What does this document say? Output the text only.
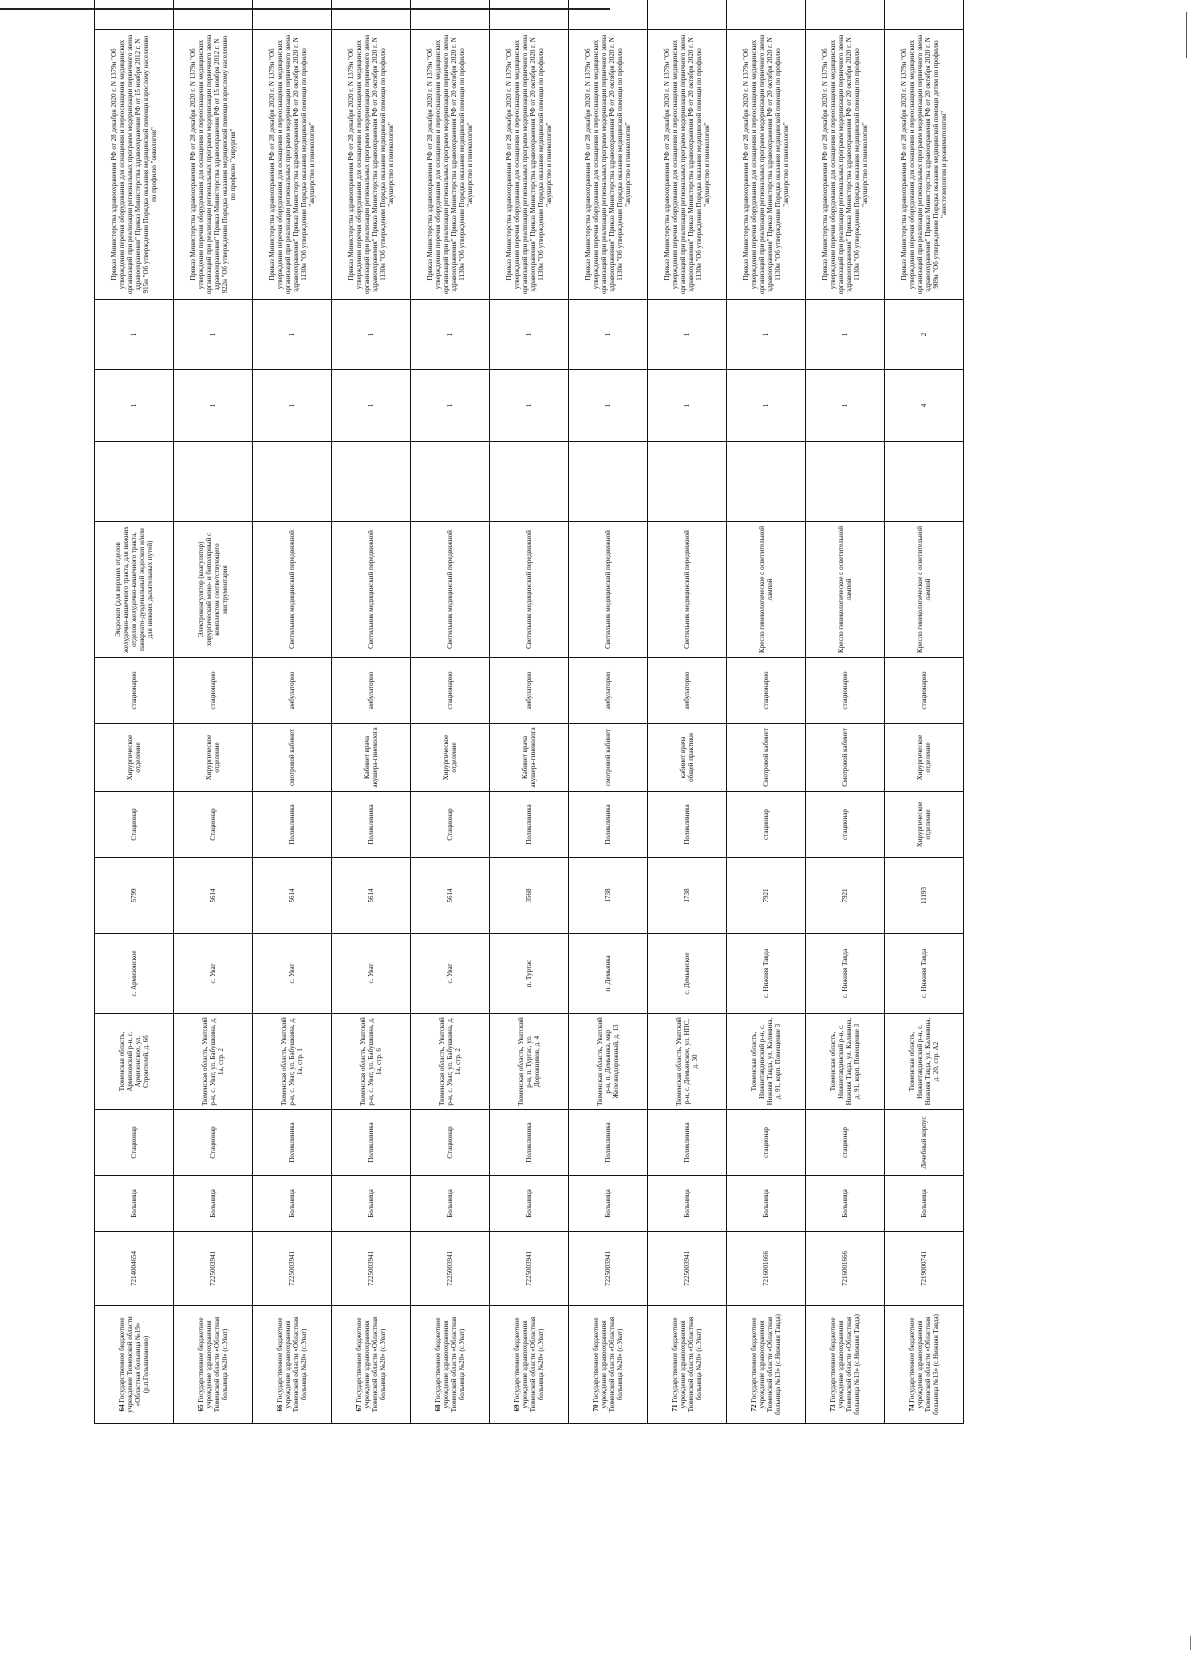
64 Государственное бюджетное учреждение Тюменской области «Областная больница №19» (р.п.Голышманово)	7214004654	Больница	Стационар	Тюменская область, Армизонский р-н, с. Армизонское, ул. Строителей, д. 6б	с. Армизонское	5799	Стационар	Хирургическое отделение	стационарно	Эндоскоп (для верхних отделов желудочно-кишечного тракта, для нижних отделов желудочно-кишечного тракта, панкреато-дуоденальный эндоскоп и/или для нижних дыхательных путей)		1	1	Приказ Министерства здравоохранения РФ от 28 декабря 2020 г. N 1379н "Об утверждении перечня оборудования для оснащения и переоснащения медицинских организаций при реализации региональных программ модернизации первичного звена здравоохранения" Приказ Министерства здравоохранения РФ от 15 ноября 2012 г. N 915н "Об утверждении Порядка оказания медицинской помощи взрослому населению по профилю "онкология"	
65 Государственное бюджетное учреждение здравоохранения Тюменской области «Областная больница №20» (с.Уват)	7225003941	Больница	Стационар	Тюменская область, Уватский р-н, с. Уват, ул. Бабушкина, д. 1а, стр. 2	с. Уват	5614	Стационар	Хирургическое отделение	стационарно	Электрокоагулятор (коагулятор) хирургический моно- и биполярный с комплектом соответствующего инструментария		1	1	Приказ Министерства здравоохранения РФ от 28 декабря 2020 г. N 1379н "Об утверждении перечня оборудования для оснащения и переоснащения медицинских организаций при реализации региональных программ модернизации первичного звена здравоохранения" Приказ Министерства здравоохранения РФ от 15 ноября 2012 г. N 922н "Об утверждении Порядка оказания медицинской помощи взрослому населению по профилю "хирургия"	
66 Государственное бюджетное учреждение здравоохранения Тюменской области «Областная больница №20» (с.Уват)	7225003941	Больница	Поликлиника	Тюменская область, Уватский р-н, с. Уват, ул. Бабушкина, д. 1а, стр. 1	с. Уват	5614	Поликлиника	смотровой кабинет	амбулаторно	Светильник медицинский передвижной		1	1	Приказ Министерства здравоохранения РФ от 28 декабря 2020 г. N 1379н "Об утверждении перечня оборудования для оснащения и переоснащения медицинских организаций при реализации региональных программ модернизации первичного звена здравоохранения" Приказ Министерства здравоохранения РФ от 20 октября 2020 г. N 1130н "Об утверждении Порядка оказания медицинской помощи по профилю "акушерство и гинекология"	
67 Государственное бюджетное учреждение здравоохранения Тюменской области «Областная больница №20» (с.Уват)	7225003941	Больница	Поликлиника	Тюменская область, Уватский р-н, с. Уват, ул. Бабушкина, д. 1а, стр. 6	с. Уват	5614	Поликлиника	Кабинет врача акушера-гинеколога	амбулаторно	Светильник медицинский передвижной		1	1	Приказ Министерства здравоохранения РФ от 28 декабря 2020 г. N 1379н "Об утверждении перечня оборудования для оснащения и переоснащения медицинских организаций при реализации региональных программ модернизации первичного звена здравоохранения" Приказ Министерства здравоохранения РФ от 20 октября 2020 г. N 1130н "Об утверждении Порядка оказания медицинской помощи по профилю "акушерство и гинекология"	
68 Государственное бюджетное учреждение здравоохранения Тюменской области «Областная больница №20» (с.Уват)	7225003941	Больница	Стационар	Тюменская область, Уватский р-н, с. Уват, ул. Бабушкина, д. 1а, стр. 2	с. Уват	5614	Стационар	Хирургическое отделение	стационарно	Светильник медицинский передвижной		1	1	Приказ Министерства здравоохранения РФ от 28 декабря 2020 г. N 1379н "Об утверждении перечня оборудования для оснащения и переоснащения медицинских организаций при реализации региональных программ модернизации первичного звена здравоохранения" Приказ Министерства здравоохранения РФ от 20 октября 2020 г. N 1130н "Об утверждении Порядка оказания медицинской помощи по профилю "акушерство и гинекология"	
69 Государственное бюджетное учреждение здравоохранения Тюменской области «Областная больница №20» (с.Уват)	7225003941	Больница	Поликлиника	Тюменская область, Уватский р-н, п. Туртас, ул. Дорожников, д. 4	п. Туртас	3568	Поликлиника	Кабинет врача акушера-гинеколога	амбулаторно	Светильник медицинский передвижной		1	1	Приказ Министерства здравоохранения РФ от 28 декабря 2020 г. N 1379н "Об утверждении перечня оборудования для оснащения и переоснащения медицинских организаций при реализации региональных программ модернизации первичного звена здравоохранения" Приказ Министерства здравоохранения РФ от 20 октября 2020 г. N 1130н "Об утверждении Порядка оказания медицинской помощи по профилю "акушерство и гинекология"	
70 Государственное бюджетное учреждение здравоохранения Тюменской области «Областная больница №20» (с.Уват)	7225003941	Больница	Поликлиника	Тюменская область, Уватский р-н, п. Демьянка, мкр Железнодорожный, д. 13	п. Демьянка	1738	Поликлиника	смотровой кабинет	амбулаторно	Светильник медицинский передвижной		1	1	Приказ Министерства здравоохранения РФ от 28 декабря 2020 г. N 1379н "Об утверждении перечня оборудования для оснащения и переоснащения медицинских организаций при реализации региональных программ модернизации первичного звена здравоохранения" Приказ Министерства здравоохранения РФ от 20 октября 2020 г. N 1130н "Об утверждении Порядка оказания медицинской помощи по профилю "акушерство и гинекология"	
71 Государственное бюджетное учреждение здравоохранения Тюменской области «Областная больница №20» (с.Уват)	7225003941	Больница	Поликлиника	Тюменская область, Уватский р-н, с. Демьянское, ул. НПС, д. 30	с. Демьянское	1738	Поликлиника	кабинет врача общей практики	амбулаторно	Светильник медицинский передвижной		1	1	Приказ Министерства здравоохранения РФ от 28 декабря 2020 г. N 1379н "Об утверждении перечня оборудования для оснащения и переоснащения медицинских организаций при реализации региональных программ модернизации первичного звена здравоохранения" Приказ Министерства здравоохранения РФ от 20 октября 2020 г. N 1130н "Об утверждении Порядка оказания медицинской помощи по профилю "акушерство и гинекология"	
72 Государственное бюджетное учреждение здравоохранения Тюменской области «Областная больница №13» (с.Нижняя Тавда)	7216001666	Больница	стационар	Тюменская область, Нижнетавдинский р-н, с. Нижняя Тавда, ул. Калинина, д. 91, корп. Помещение 3	с. Нижняя Тавда	7921	стационар	Смотровой кабинет	стационарно	Кресло гинекологическое с осветительной лампой		1	1	Приказ Министерства здравоохранения РФ от 28 декабря 2020 г. N 1379н "Об утверждении перечня оборудования для оснащения и переоснащения медицинских организаций при реализации региональных программ модернизации первичного звена здравоохранения" Приказ Министерства здравоохранения РФ от 20 октября 2020 г. N 1130н "Об утверждении Порядка оказания медицинской помощи по профилю "акушерство и гинекология"	
73 Государственное бюджетное учреждение здравоохранения Тюменской области «Областная больница №13» (с.Нижняя Тавда)	7216001666	Больница	стационар	Тюменская область, Нижнетавдинский р-н, с. Нижняя Тавда, ул. Калинина, д. 91, корп. Помещение 3	с. Нижняя Тавда	7921	стационар	Смотровой кабинет	стационарно	Кресло гинекологическое с осветительной лампой		1	1	Приказ Министерства здравоохранения РФ от 28 декабря 2020 г. N 1379н "Об утверждении перечня оборудования для оснащения и переоснащения медицинских организаций при реализации региональных программ модернизации первичного звена здравоохранения" Приказ Министерства здравоохранения РФ от 20 октября 2020 г. N 1130н "Об утверждении Порядка оказания медицинской помощи по профилю "акушерство и гинекология"	
74 Государственное бюджетное учреждение здравоохранения Тюменской области «Областная больница №13» (с.Нижняя Тавда)	7219000741	Больница	Лечебный корпус	Тюменская область, Нижнетавдинский р-н, с. Нижняя Тавда, ул. Калинина, д. 20, стр. А2	с. Нижняя Тавда	11193	Хирургическое отделение	Хирургическое отделение	стационарно	Кресло гинекологическое с осветительной лампой		4	2	Приказ Министерства здравоохранения РФ от 28 декабря 2020 г. N 1379н "Об утверждении перечня оборудования для оснащения и переоснащения медицинских организаций при реализации региональных программ модернизации первичного звена здравоохранения" Приказ Министерства здравоохранения РФ от 20 октября 2020 г. N 909н "Об утверждении Порядка оказания медицинской помощи детям по профилю "анестезиология и реаниматология"	
